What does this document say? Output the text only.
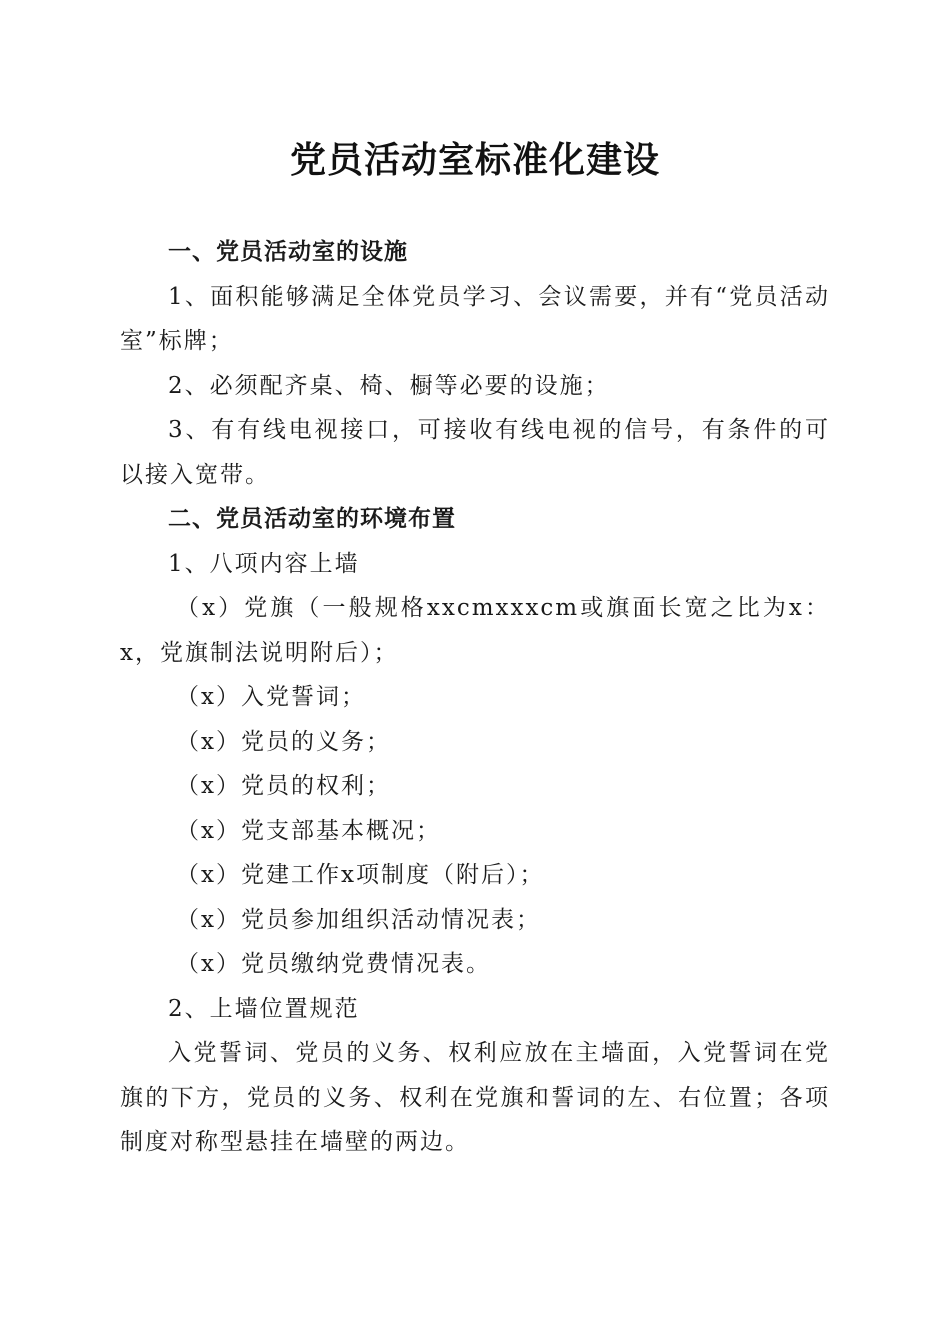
党员活动室标准化建设

一、党员活动室的设施

1、面积能够满足全体党员学习、会议需要，并有“党员活动室”标牌；

2、必须配齐桌、椅、橱等必要的设施；

3、有有线电视接口，可接收有线电视的信号，有条件的可以接入宽带。

二、党员活动室的环境布置

1、八项内容上墙

（x）党旗（一般规格xxcmxxxcm或旗面长宽之比为x：x，党旗制法说明附后）；

（x）入党誓词；

（x）党员的义务；

（x）党员的权利；

（x）党支部基本概况；

（x）党建工作x项制度（附后）；

（x）党员参加组织活动情况表；

（x）党员缴纳党费情况表。

2、上墙位置规范

入党誓词、党员的义务、权利应放在主墙面，入党誓词在党旗的下方，党员的义务、权利在党旗和誓词的左、右位置；各项制度对称型悬挂在墙壁的两边。
